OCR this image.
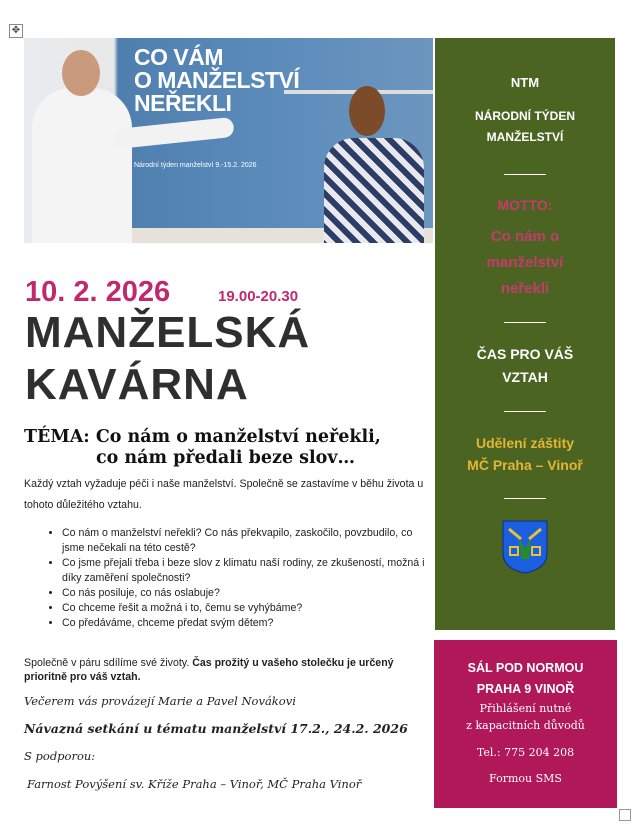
✥
CO VÁM
O MANŽELSTVÍ
NEŘEKLI
Národní týden manželství 9.-15.2. 2026
10. 2. 2026	19.00-20.30
MANŽELSKÁ
KAVÁRNA
TÉMA: Co nám o manželství neřekli,
co nám předali beze slov…
Každý vztah vyžaduje péči i naše manželství. Společně se zastavíme v běhu života u tohoto důležitého vztahu.
• Co nám o manželství neřekli? Co nás překvapilo, zaskočilo, povzbudilo, co jsme nečekali na této cestě?
• Co jsme přejali třeba i beze slov z klimatu naší rodiny, ze zkušeností, možná i díky zaměření společnosti?
• Co nás posiluje, co nás oslabuje?
• Co chceme řešit a možná i to, čemu se vyhýbáme?
• Co předáváme, chceme předat svým dětem?
Společně v páru sdílíme své životy. Čas prožitý u vašeho stolečku je určený prioritně pro váš vztah.
Večerem vás provázejí Marie a Pavel Novákovi
Návazná setkání u tématu manželství 17.2., 24.2. 2026
S podporou:
Farnost Povýšení sv. Kříže Praha – Vinoř, MČ Praha Vinoř
NTM
NÁRODNÍ TÝDEN
MANŽELSTVÍ
MOTTO:
Co nám o
manželství
neřekli
ČAS PRO VÁŠ
VZTAH
Udělení záštity
MČ Praha – Vinoř
SÁL POD NORMOU
PRAHA 9 VINOŘ
Přihlášení nutné
z kapacitních důvodů
Tel.: 775 204 208
Formou SMS
